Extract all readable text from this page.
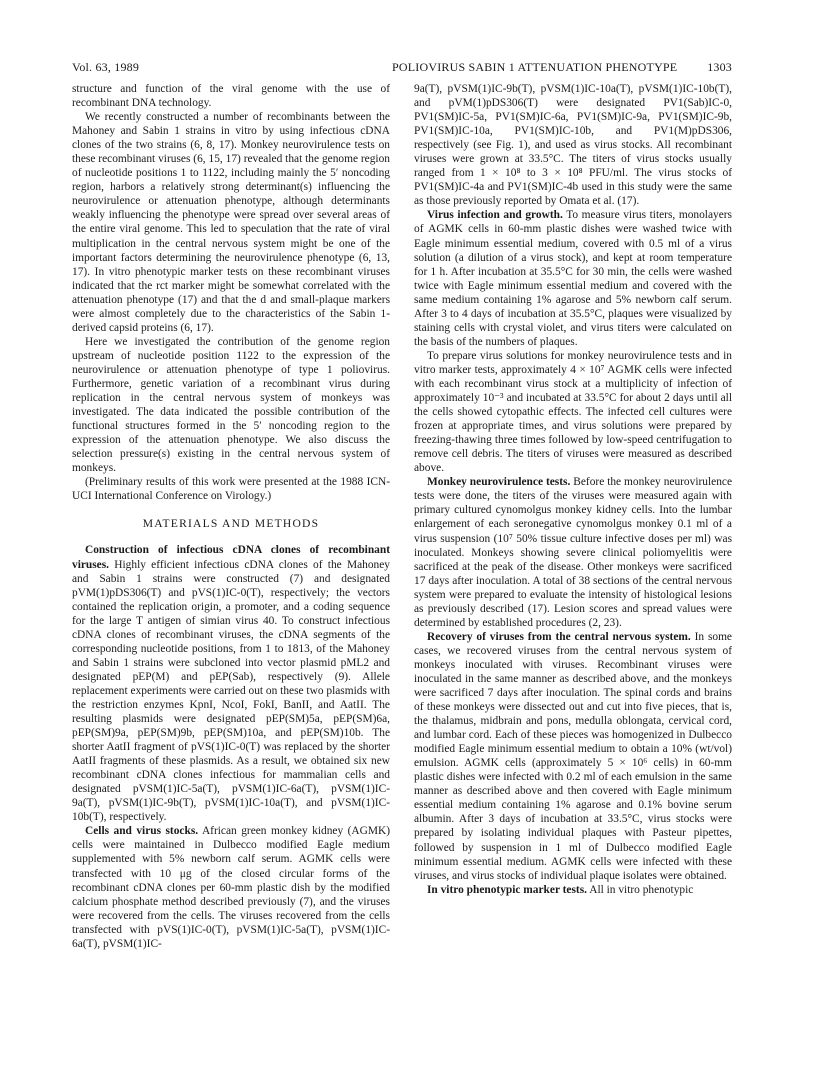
Vol. 63, 1989	POLIOVIRUS SABIN 1 ATTENUATION PHENOTYPE 1303

structure and function of the viral genome with the use of recombinant DNA technology.

We recently constructed a number of recombinants between the Mahoney and Sabin 1 strains in vitro by using infectious cDNA clones of the two strains (6, 8, 17). Monkey neurovirulence tests on these recombinant viruses (6, 15, 17) revealed that the genome region of nucleotide positions 1 to 1122, including mainly the 5′ noncoding region, harbors a relatively strong determinant(s) influencing the neurovirulence or attenuation phenotype, although determinants weakly influencing the phenotype were spread over several areas of the entire viral genome. This led to speculation that the rate of viral multiplication in the central nervous system might be one of the important factors determining the neurovirulence phenotype (6, 13, 17). In vitro phenotypic marker tests on these recombinant viruses indicated that the rct marker might be somewhat correlated with the attenuation phenotype (17) and that the d and small-plaque markers were almost completely due to the characteristics of the Sabin 1-derived capsid proteins (6, 17).

Here we investigated the contribution of the genome region upstream of nucleotide position 1122 to the expression of the neurovirulence or attenuation phenotype of type 1 poliovirus. Furthermore, genetic variation of a recombinant virus during replication in the central nervous system of monkeys was investigated. The data indicated the possible contribution of the functional structures formed in the 5′ noncoding region to the expression of the attenuation phenotype. We also discuss the selection pressure(s) existing in the central nervous system of monkeys.

(Preliminary results of this work were presented at the 1988 ICN-UCI International Conference on Virology.)

MATERIALS AND METHODS

Construction of infectious cDNA clones of recombinant viruses. Highly efficient infectious cDNA clones of the Mahoney and Sabin 1 strains were constructed (7) and designated pVM(1)pDS306(T) and pVS(1)IC-0(T), respectively; the vectors contained the replication origin, a promoter, and a coding sequence for the large T antigen of simian virus 40. To construct infectious cDNA clones of recombinant viruses, the cDNA segments of the corresponding nucleotide positions, from 1 to 1813, of the Mahoney and Sabin 1 strains were subcloned into vector plasmid pML2 and designated pEP(M) and pEP(Sab), respectively (9). Allele replacement experiments were carried out on these two plasmids with the restriction enzymes KpnI, NcoI, FokI, BanII, and AatII. The resulting plasmids were designated pEP(SM)5a, pEP(SM)6a, pEP(SM)9a, pEP(SM)9b, pEP(SM)10a, and pEP(SM)10b. The shorter AatII fragment of pVS(1)IC-0(T) was replaced by the shorter AatII fragments of these plasmids. As a result, we obtained six new recombinant cDNA clones infectious for mammalian cells and designated pVSM(1)IC-5a(T), pVSM(1)IC-6a(T), pVSM(1)IC-9a(T), pVSM(1)IC-9b(T), pVSM(1)IC-10a(T), and pVSM(1)IC-10b(T), respectively.

Cells and virus stocks. African green monkey kidney (AGMK) cells were maintained in Dulbecco modified Eagle medium supplemented with 5% newborn calf serum. AGMK cells were transfected with 10 μg of the closed circular forms of the recombinant cDNA clones per 60-mm plastic dish by the modified calcium phosphate method described previously (7), and the viruses were recovered from the cells. The viruses recovered from the cells transfected with pVS(1)IC-0(T), pVSM(1)IC-5a(T), pVSM(1)IC-6a(T), pVSM(1)IC-

9a(T), pVSM(1)IC-9b(T), pVSM(1)IC-10a(T), pVSM(1)IC-10b(T), and pVM(1)pDS306(T) were designated PV1(Sab)IC-0, PV1(SM)IC-5a, PV1(SM)IC-6a, PV1(SM)IC-9a, PV1(SM)IC-9b, PV1(SM)IC-10a, PV1(SM)IC-10b, and PV1(M)pDS306, respectively (see Fig. 1), and used as virus stocks. All recombinant viruses were grown at 33.5°C. The titers of virus stocks usually ranged from 1 × 10⁸ to 3 × 10⁸ PFU/ml. The virus stocks of PV1(SM)IC-4a and PV1(SM)IC-4b used in this study were the same as those previously reported by Omata et al. (17).

Virus infection and growth. To measure virus titers, monolayers of AGMK cells in 60-mm plastic dishes were washed twice with Eagle minimum essential medium, covered with 0.5 ml of a virus solution (a dilution of a virus stock), and kept at room temperature for 1 h. After incubation at 35.5°C for 30 min, the cells were washed twice with Eagle minimum essential medium and covered with the same medium containing 1% agarose and 5% newborn calf serum. After 3 to 4 days of incubation at 35.5°C, plaques were visualized by staining cells with crystal violet, and virus titers were calculated on the basis of the numbers of plaques.

To prepare virus solutions for monkey neurovirulence tests and in vitro marker tests, approximately 4 × 10⁷ AGMK cells were infected with each recombinant virus stock at a multiplicity of infection of approximately 10⁻³ and incubated at 33.5°C for about 2 days until all the cells showed cytopathic effects. The infected cell cultures were frozen at appropriate times, and virus solutions were prepared by freezing-thawing three times followed by low-speed centrifugation to remove cell debris. The titers of viruses were measured as described above.

Monkey neurovirulence tests. Before the monkey neurovirulence tests were done, the titers of the viruses were measured again with primary cultured cynomolgus monkey kidney cells. Into the lumbar enlargement of each seronegative cynomolgus monkey 0.1 ml of a virus suspension (10⁷ 50% tissue culture infective doses per ml) was inoculated. Monkeys showing severe clinical poliomyelitis were sacrificed at the peak of the disease. Other monkeys were sacrificed 17 days after inoculation. A total of 38 sections of the central nervous system were prepared to evaluate the intensity of histological lesions as previously described (17). Lesion scores and spread values were determined by established procedures (2, 23).

Recovery of viruses from the central nervous system. In some cases, we recovered viruses from the central nervous system of monkeys inoculated with viruses. Recombinant viruses were inoculated in the same manner as described above, and the monkeys were sacrificed 7 days after inoculation. The spinal cords and brains of these monkeys were dissected out and cut into five pieces, that is, the thalamus, midbrain and pons, medulla oblongata, cervical cord, and lumbar cord. Each of these pieces was homogenized in Dulbecco modified Eagle minimum essential medium to obtain a 10% (wt/vol) emulsion. AGMK cells (approximately 5 × 10⁶ cells) in 60-mm plastic dishes were infected with 0.2 ml of each emulsion in the same manner as described above and then covered with Eagle minimum essential medium containing 1% agarose and 0.1% bovine serum albumin. After 3 days of incubation at 33.5°C, virus stocks were prepared by isolating individual plaques with Pasteur pipettes, followed by suspension in 1 ml of Dulbecco modified Eagle minimum essential medium. AGMK cells were infected with these viruses, and virus stocks of individual plaque isolates were obtained.

In vitro phenotypic marker tests. All in vitro phenotypic
